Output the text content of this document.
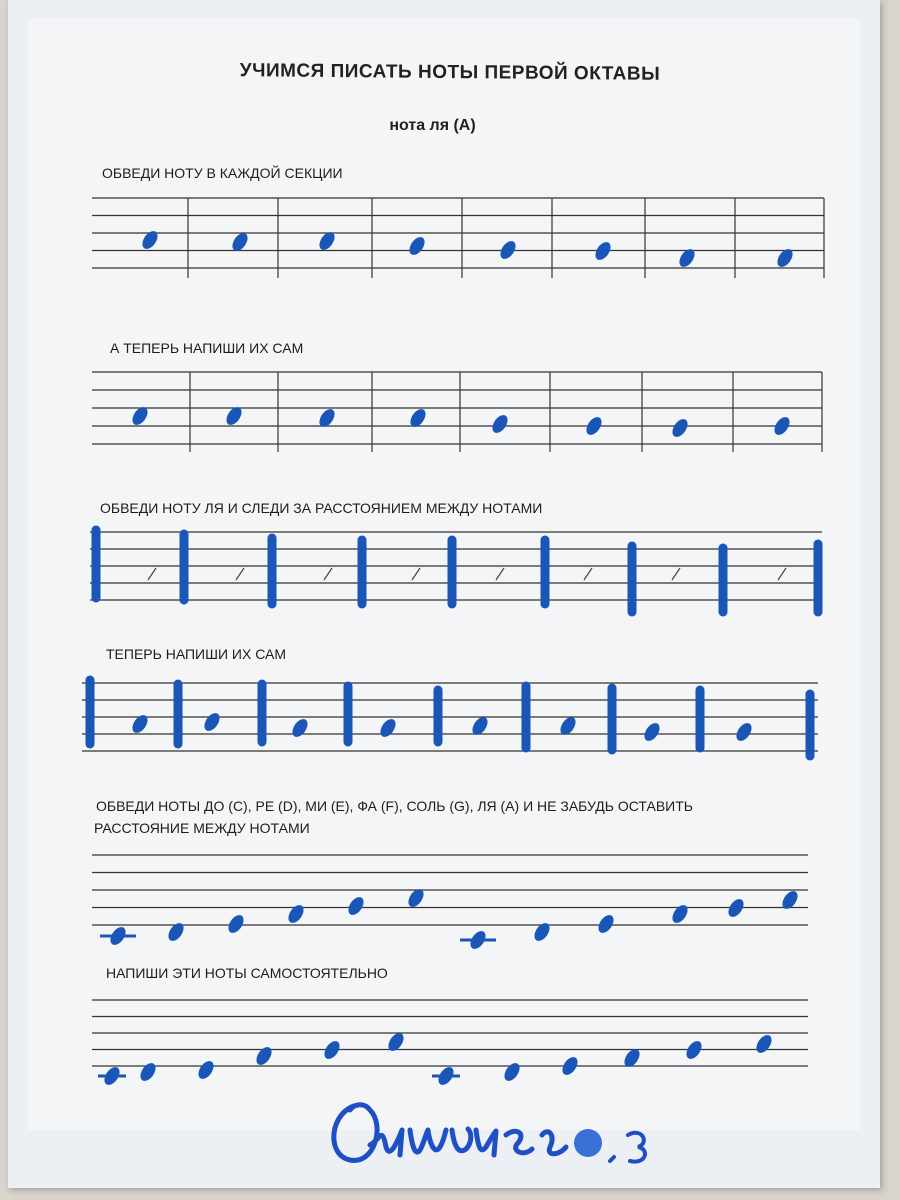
УЧИМСЯ ПИСАТЬ НОТЫ ПЕРВОЙ ОКТАВЫ
нота ля (А)

ОБВЕДИ НОТУ В КАЖДОЙ СЕКЦИИ

А ТЕПЕРЬ НАПИШИ ИХ САМ

ОБВЕДИ НОТУ ЛЯ И СЛЕДИ ЗА РАССТОЯНИЕМ МЕЖДУ НОТАМИ

ТЕПЕРЬ НАПИШИ ИХ САМ

ОБВЕДИ НОТЫ ДО (С), РЕ (D), МИ (E), ФА (F), СОЛЬ (G), ЛЯ (А) И НЕ ЗАБУДЬ ОСТАВИТЬ

РАССТОЯНИЕ МЕЖДУ НОТАМИ

НАПИШИ ЭТИ НОТЫ САМОСТОЯТЕЛЬНО
